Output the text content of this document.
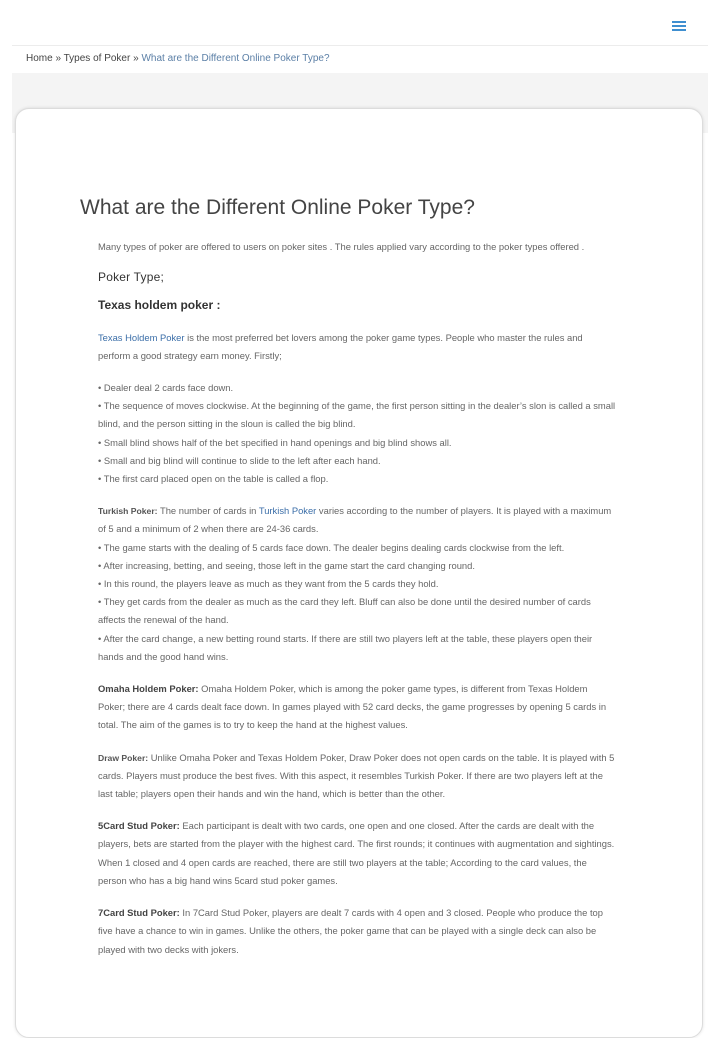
Home » Types of Poker » What are the Different Online Poker Type?
What are the Different Online Poker Type?

Many types of poker are offered to users on poker sites . The rules applied vary according to the poker types offered .

Poker Type;
Texas holdem poker :

Texas Holdem Poker is the most preferred bet lovers among the poker game types. People who master the rules and perform a good strategy earn money. Firstly;

• Dealer deal 2 cards face down.
• The sequence of moves clockwise. At the beginning of the game, the first person sitting in the dealer’s slon is called a small blind, and the person sitting in the sloun is called the big blind.
• Small blind shows half of the bet specified in hand openings and big blind shows all.
• Small and big blind will continue to slide to the left after each hand.
• The first card placed open on the table is called a flop.
Turkish Poker: The number of cards in Turkish Poker varies according to the number of players. It is played with a maximum of 5 and a minimum of 2 when there are 24-36 cards.
• The game starts with the dealing of 5 cards face down. The dealer begins dealing cards clockwise from the left.
• After increasing, betting, and seeing, those left in the game start the card changing round.
• In this round, the players leave as much as they want from the 5 cards they hold.
• They get cards from the dealer as much as the card they left. Bluff can also be done until the desired number of cards affects the renewal of the hand.
• After the card change, a new betting round starts. If there are still two players left at the table, these players open their hands and the good hand wins.

Omaha Holdem Poker: Omaha Holdem Poker, which is among the poker game types, is different from Texas Holdem Poker; there are 4 cards dealt face down. In games played with 52 card decks, the game progresses by opening 5 cards in total. The aim of the games is to try to keep the hand at the highest values.

Draw Poker: Unlike Omaha Poker and Texas Holdem Poker, Draw Poker does not open cards on the table. It is played with 5 cards. Players must produce the best fives. With this aspect, it resembles Turkish Poker. If there are two players left at the last table; players open their hands and win the hand, which is better than the other.

5Card Stud Poker: Each participant is dealt with two cards, one open and one closed. After the cards are dealt with the players, bets are started from the player with the highest card. The first rounds; it continues with augmentation and sightings. When 1 closed and 4 open cards are reached, there are still two players at the table; According to the card values, the person who has a big hand wins 5card stud poker games.

7Card Stud Poker: In 7Card Stud Poker, players are dealt 7 cards with 4 open and 3 closed. People who produce the top five have a chance to win in games. Unlike the others, the poker game that can be played with a single deck can also be played with two decks with jokers.
